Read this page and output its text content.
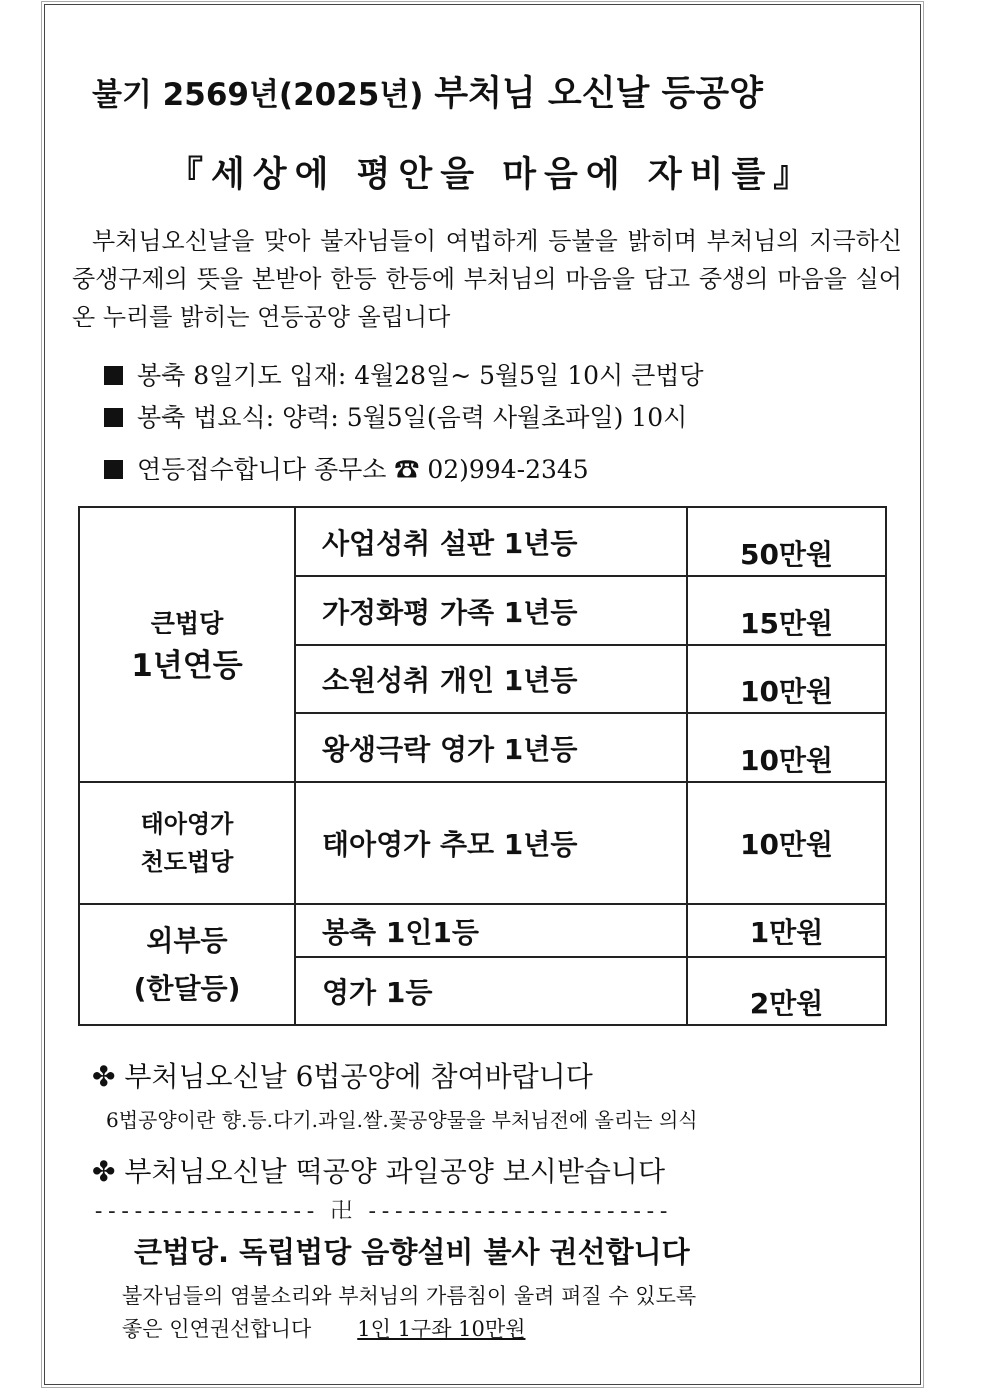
불기 2569년(2025년) 부처님 오신날 등공양
『세상에 평안을 마음에 자비를』

부처님오신날을 맞아 불자님들이 여법하게 등불을 밝히며 부처님의 지극하신 중생구제의 뜻을 본받아 한등 한등에 부처님의 마음을 담고 중생의 마음을 실어 온 누리를 밝히는 연등공양 올립니다

봉축 8일기도 입재: 4월28일~ 5월5일 10시 큰법당
봉축 법요식: 양력: 5월5일(음력 사월초파일) 10시
연등접수합니다 종무소 ☎ 02)994-2345
큰법당
1년연등	사업성취 설판 1년등	50만원
	가정화평 가족 1년등	15만원
	소원성취 개인 1년등	10만원
	왕생극락 영가 1년등	10만원

태아영가
천도법당	태아영가 추모 1년등	10만원

외부등
(한달등)	봉축 1인1등	1만원
	영가 1등	2만원
✤ 부처님오신날 6법공양에 참여바랍니다
6법공양이란 향.등.다기.과일.쌀.꽃공양물을 부처님전에 올리는 의식
✤ 부처님오신날 떡공양 과일공양 보시받습니다
----------------- 卍 -----------------------
큰법당. 독립법당 음향설비 불사 권선합니다
불자님들의 염불소리와 부처님의 가름침이 울려 펴질 수 있도록
좋은 인연권선합니다 1인 1구좌 10만원
